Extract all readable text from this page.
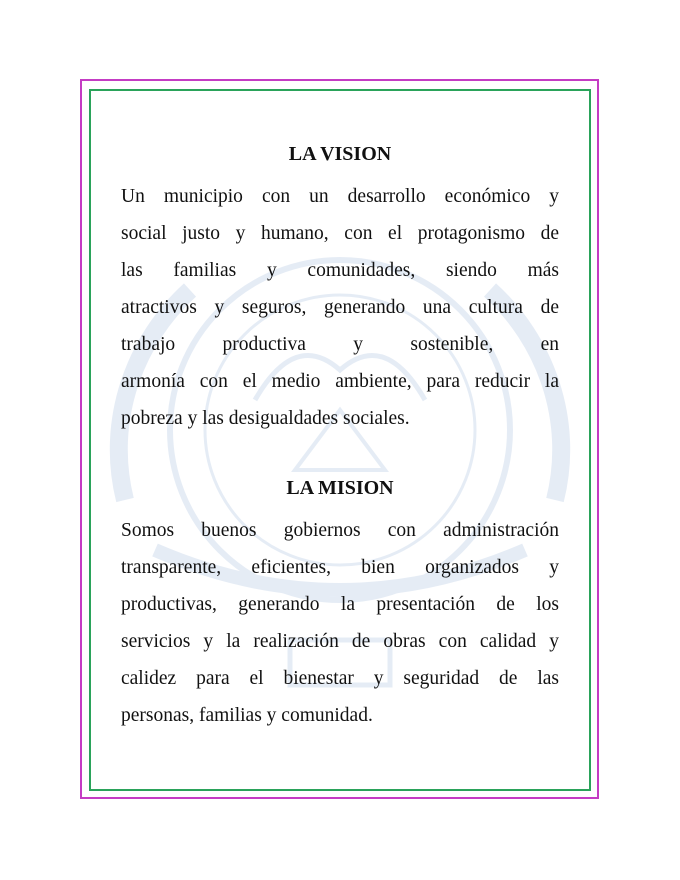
LA VISION

Un municipio con un desarrollo económico y
social justo y humano, con el protagonismo de
las familias y comunidades, siendo más
atractivos y seguros, generando una cultura de
trabajo productiva y sostenible, en
armonía con el medio ambiente, para reducir la
pobreza y las desigualdades sociales.

LA MISION

Somos buenos gobiernos con administración
transparente, eficientes, bien organizados y
productivas, generando la presentación de los
servicios y la realización de obras con calidad y
calidez para el bienestar y seguridad de las
personas, familias y comunidad.
